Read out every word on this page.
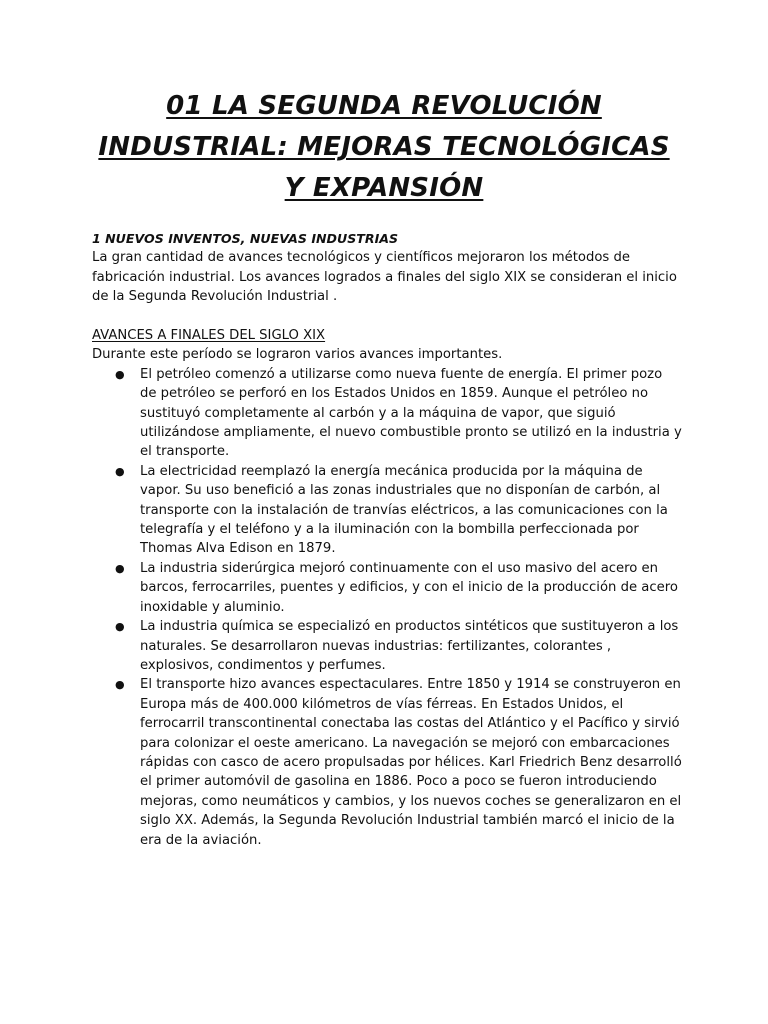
01 LA SEGUNDA REVOLUCIÓN INDUSTRIAL: MEJORAS TECNOLÓGICAS Y EXPANSIÓN

1 NUEVOS INVENTOS, NUEVAS INDUSTRIAS

La gran cantidad de avances tecnológicos y científicos mejoraron los métodos de fabricación industrial. Los avances logrados a finales del siglo XIX se consideran el inicio de la Segunda Revolución Industrial .

AVANCES A FINALES DEL SIGLO XIX

Durante este período se lograron varios avances importantes.

● El petróleo comenzó a utilizarse como nueva fuente de energía. El primer pozo de petróleo se perforó en los Estados Unidos en 1859. Aunque el petróleo no sustituyó completamente al carbón y a la máquina de vapor, que siguió utilizándose ampliamente, el nuevo combustible pronto se utilizó en la industria y el transporte.
● La electricidad reemplazó la energía mecánica producida por la máquina de vapor. Su uso benefició a las zonas industriales que no disponían de carbón, al transporte con la instalación de tranvías eléctricos, a las comunicaciones con la telegrafía y el teléfono y a la iluminación con la bombilla perfeccionada por Thomas Alva Edison en 1879.
● La industria siderúrgica mejoró continuamente con el uso masivo del acero en barcos, ferrocarriles, puentes y edificios, y con el inicio de la producción de acero inoxidable y aluminio.
● La industria química se especializó en productos sintéticos que sustituyeron a los naturales. Se desarrollaron nuevas industrias: fertilizantes, colorantes , explosivos, condimentos y perfumes.
● El transporte hizo avances espectaculares. Entre 1850 y 1914 se construyeron en Europa más de 400.000 kilómetros de vías férreas. En Estados Unidos, el ferrocarril transcontinental conectaba las costas del Atlántico y el Pacífico y sirvió para colonizar el oeste americano. La navegación se mejoró con embarcaciones rápidas con casco de acero propulsadas por hélices. Karl Friedrich Benz desarrolló el primer automóvil de gasolina en 1886. Poco a poco se fueron introduciendo mejoras, como neumáticos y cambios, y los nuevos coches se generalizaron en el siglo XX. Además, la Segunda Revolución Industrial también marcó el inicio de la era de la aviación.
